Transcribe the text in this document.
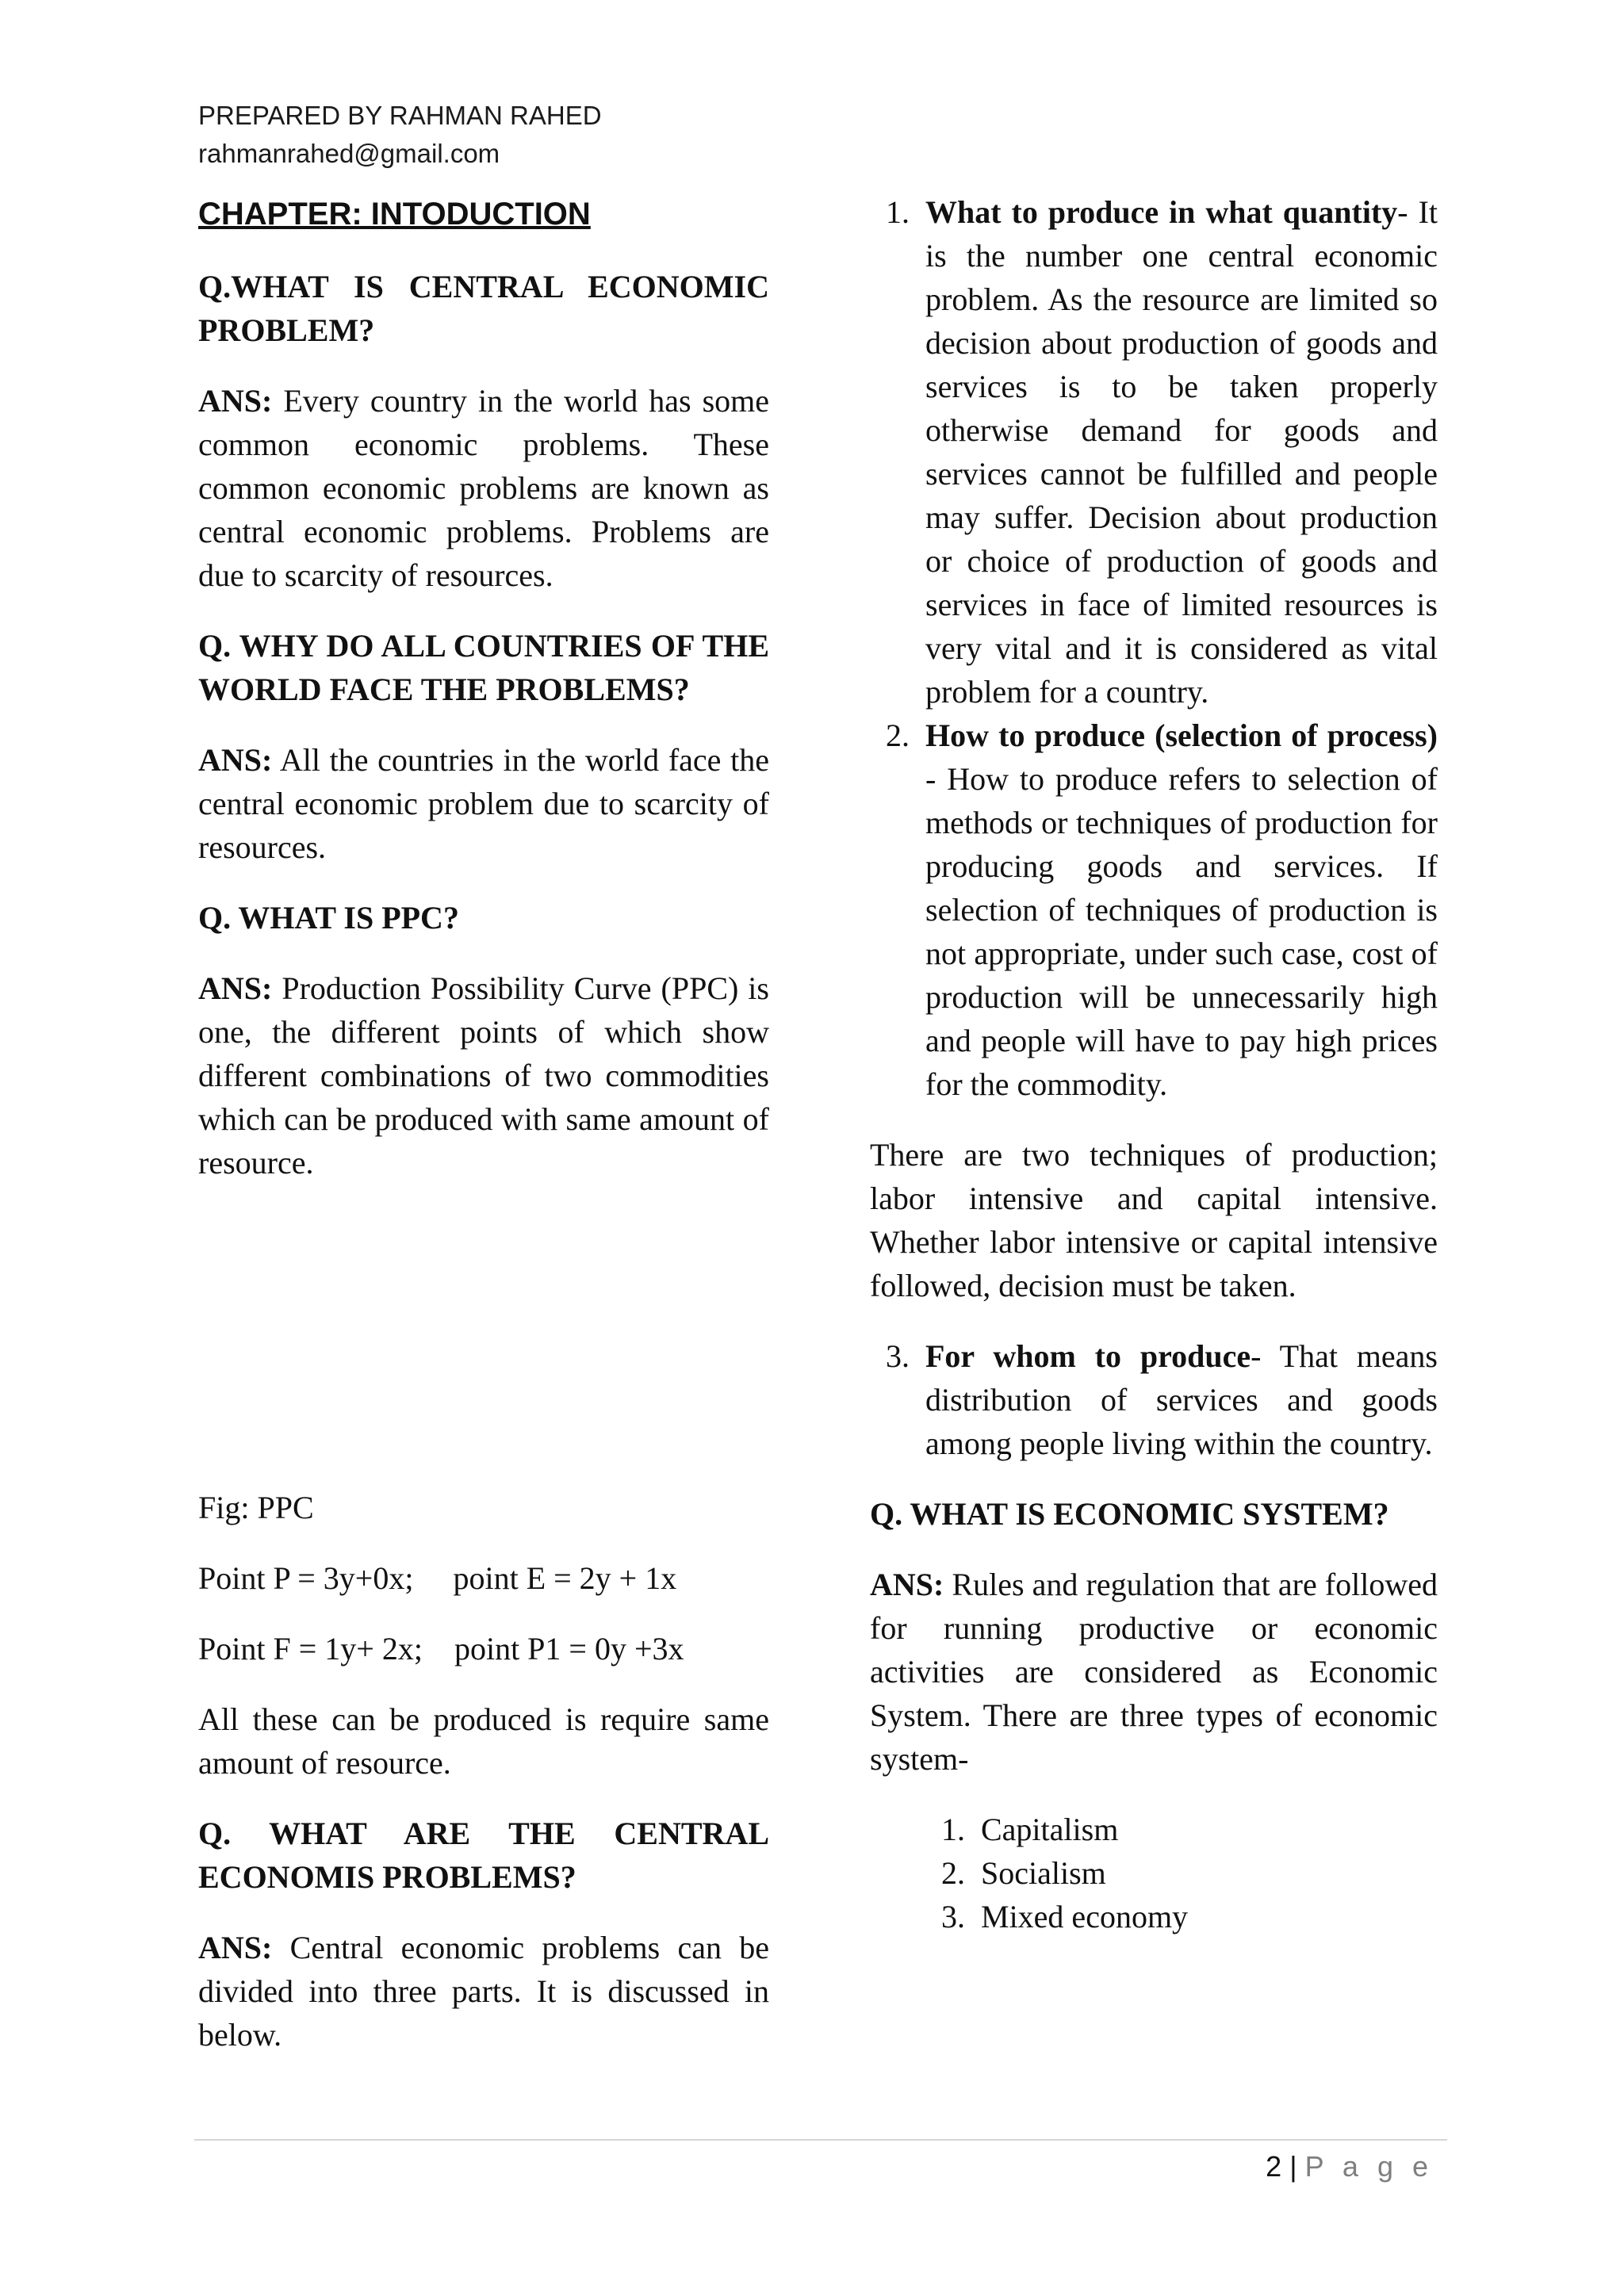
PREPARED BY RAHMAN RAHED
rahmanrahed@gmail.com

CHAPTER: INTODUCTION

Q.WHAT IS CENTRAL ECONOMIC PROBLEM?

ANS: Every country in the world has some common economic problems. These common economic problems are known as central economic problems. Problems are due to scarcity of resources.

Q. WHY DO ALL COUNTRIES OF THE WORLD FACE THE PROBLEMS?

ANS: All the countries in the world face the central economic problem due to scarcity of resources.

Q. WHAT IS PPC?

ANS: Production Possibility Curve (PPC) is one, the different points of which show different combinations of two commodities which can be produced with same amount of resource.

Fig: PPC

Point P = 3y+0x;     point E = 2y + 1x

Point F = 1y+ 2x;    point P1 = 0y +3x

All these can be produced is require same amount of resource.

Q. WHAT ARE THE CENTRAL ECONOMIS PROBLEMS?

ANS: Central economic problems can be divided into three parts. It is discussed in below.

1. What to produce in what quantity- It is the number one central economic problem. As the resource are limited so decision about production of goods and services is to be taken properly otherwise demand for goods and services cannot be fulfilled and people may suffer. Decision about production or choice of production of goods and services in face of limited resources is very vital and it is considered as vital problem for a country.
2. How to produce (selection of process) - How to produce refers to selection of methods or techniques of production for producing goods and services. If selection of techniques of production is not appropriate, under such case, cost of production will be unnecessarily high and people will have to pay high prices for the commodity.

There are two techniques of production; labor intensive and capital intensive. Whether labor intensive or capital intensive followed, decision must be taken.

3. For whom to produce- That means distribution of services and goods among people living within the country.
Q. WHAT IS ECONOMIC SYSTEM?

ANS: Rules and regulation that are followed for running productive or economic activities are considered as Economic System. There are three types of economic system-

1. Capitalism
2. Socialism
3. Mixed economy
2 | P a g e
